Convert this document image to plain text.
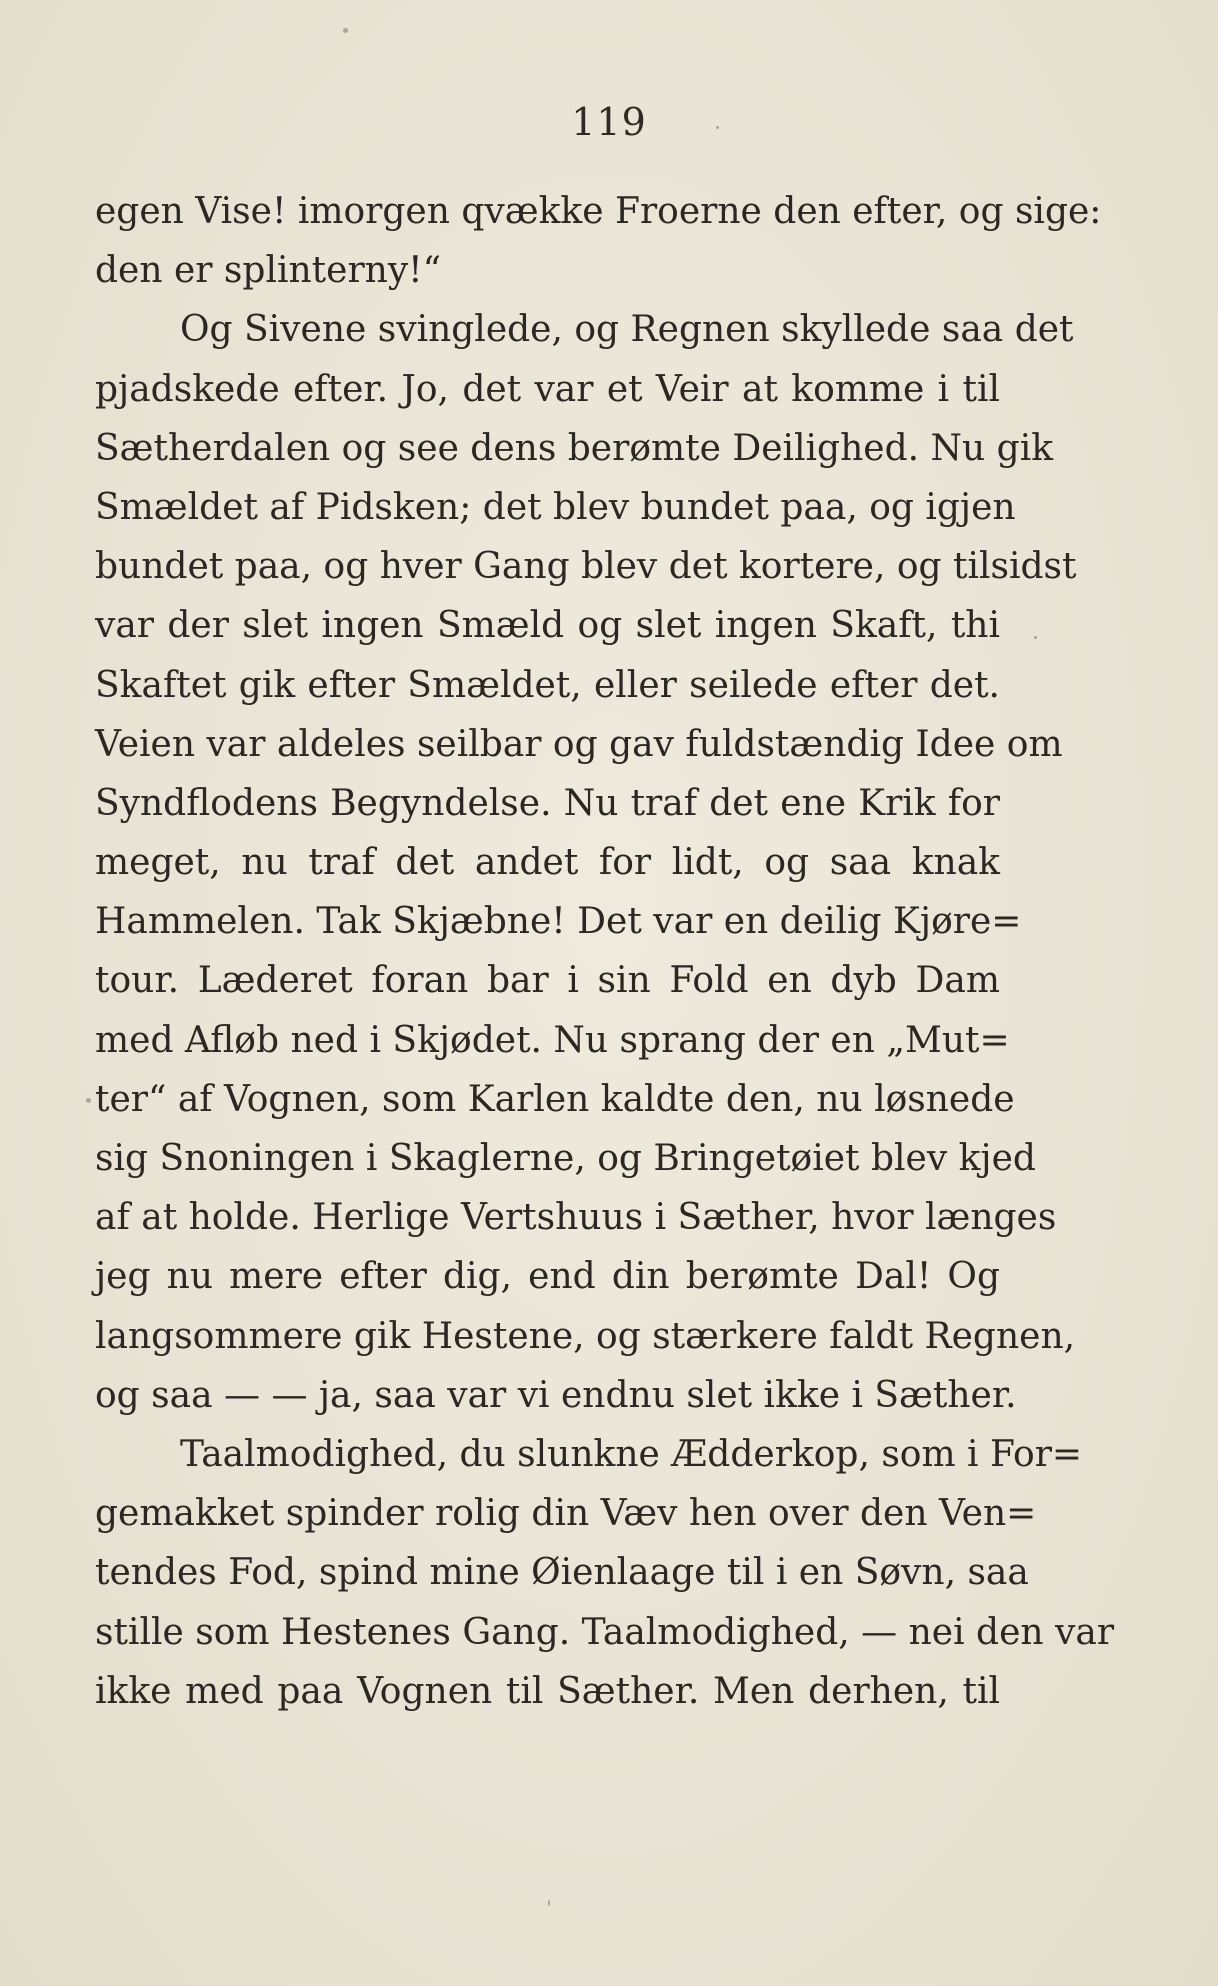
119
egen Vise! imorgen qvække Froerne den efter, og sige:
den er splinterny!“
Og Sivene svinglede, og Regnen skyllede saa det
pjadskede efter. Jo, det var et Veir at komme i til
Sætherdalen og see dens berømte Deilighed. Nu gik
Smældet af Pidsken; det blev bundet paa, og igjen
bundet paa, og hver Gang blev det kortere, og tilsidst
var der slet ingen Smæld og slet ingen Skaft, thi
Skaftet gik efter Smældet, eller seilede efter det.
Veien var aldeles seilbar og gav fuldstændig Idee om
Syndflodens Begyndelse. Nu traf det ene Krik for
meget, nu traf det andet for lidt, og saa knak
Hammelen. Tak Skjæbne! Det var en deilig Kjøre=
tour. Læderet foran bar i sin Fold en dyb Dam
med Afløb ned i Skjødet. Nu sprang der en „Mut=
ter“ af Vognen, som Karlen kaldte den, nu løsnede
sig Snoningen i Skaglerne, og Bringetøiet blev kjed
af at holde. Herlige Vertshuus i Sæther, hvor længes
jeg nu mere efter dig, end din berømte Dal! Og
langsommere gik Hestene, og stærkere faldt Regnen,
og saa — — ja, saa var vi endnu slet ikke i Sæther.
Taalmodighed, du slunkne Ædderkop, som i For=
gemakket spinder rolig din Væv hen over den Ven=
tendes Fod, spind mine Øienlaage til i en Søvn, saa
stille som Hestenes Gang. Taalmodighed, — nei den var
ikke med paa Vognen til Sæther. Men derhen, til
